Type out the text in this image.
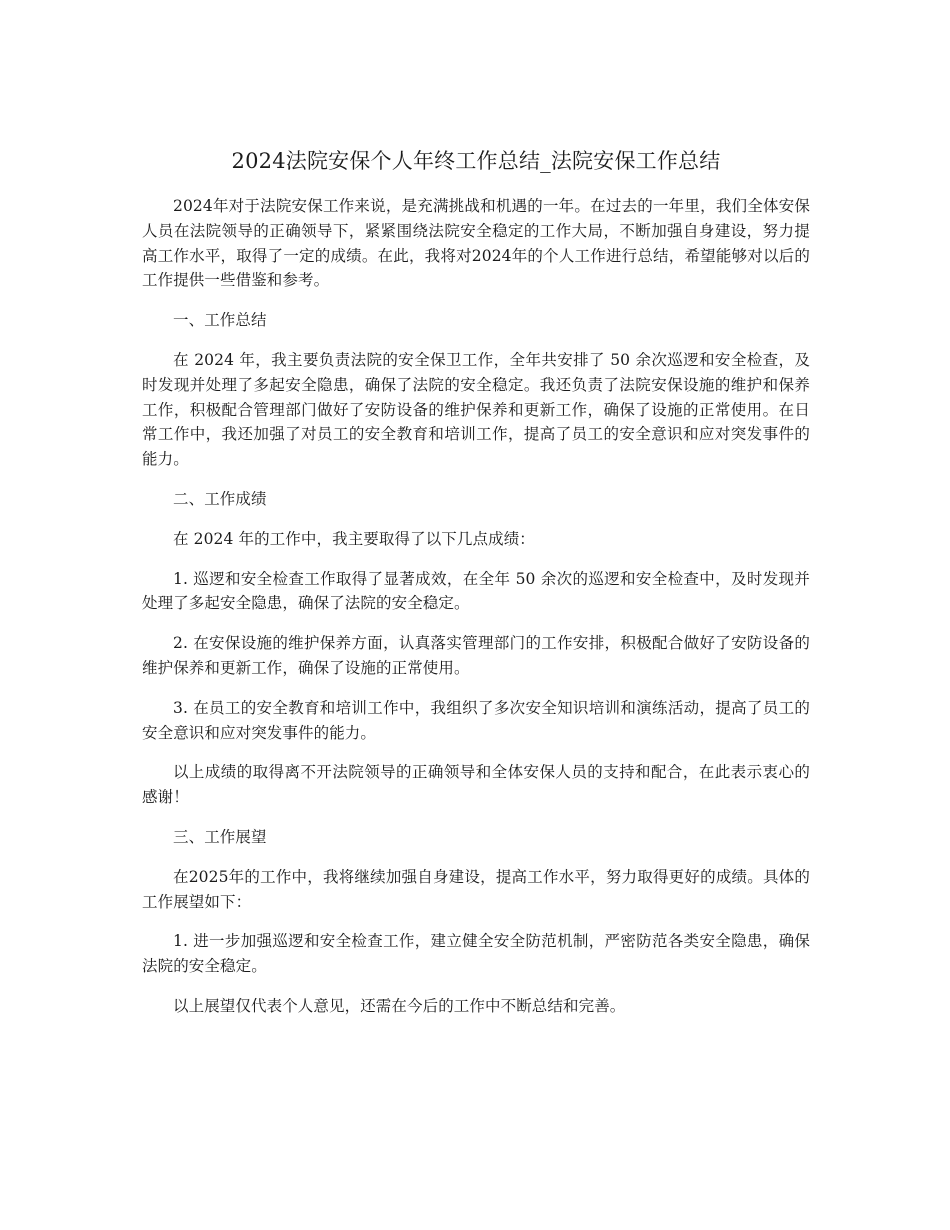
2024法院安保个人年终工作总结_法院安保工作总结

2024年对于法院安保工作来说，是充满挑战和机遇的一年。在过去的一年里，我们全体安保人员在法院领导的正确领导下，紧紧围绕法院安全稳定的工作大局，不断加强自身建设，努力提高工作水平，取得了一定的成绩。在此，我将对2024年的个人工作进行总结，希望能够对以后的工作提供一些借鉴和参考。

一、工作总结

在 2024 年，我主要负责法院的安全保卫工作，全年共安排了 50 余次巡逻和安全检查，及时发现并处理了多起安全隐患，确保了法院的安全稳定。我还负责了法院安保设施的维护和保养工作，积极配合管理部门做好了安防设备的维护保养和更新工作，确保了设施的正常使用。在日常工作中，我还加强了对员工的安全教育和培训工作，提高了员工的安全意识和应对突发事件的能力。

二、工作成绩

在 2024 年的工作中，我主要取得了以下几点成绩：

1. 巡逻和安全检查工作取得了显著成效，在全年 50 余次的巡逻和安全检查中，及时发现并处理了多起安全隐患，确保了法院的安全稳定。

2. 在安保设施的维护保养方面，认真落实管理部门的工作安排，积极配合做好了安防设备的维护保养和更新工作，确保了设施的正常使用。

3. 在员工的安全教育和培训工作中，我组织了多次安全知识培训和演练活动，提高了员工的安全意识和应对突发事件的能力。

以上成绩的取得离不开法院领导的正确领导和全体安保人员的支持和配合，在此表示衷心的感谢！

三、工作展望

在2025年的工作中，我将继续加强自身建设，提高工作水平，努力取得更好的成绩。具体的工作展望如下：

1. 进一步加强巡逻和安全检查工作，建立健全安全防范机制，严密防范各类安全隐患，确保法院的安全稳定。

以上展望仅代表个人意见，还需在今后的工作中不断总结和完善。
